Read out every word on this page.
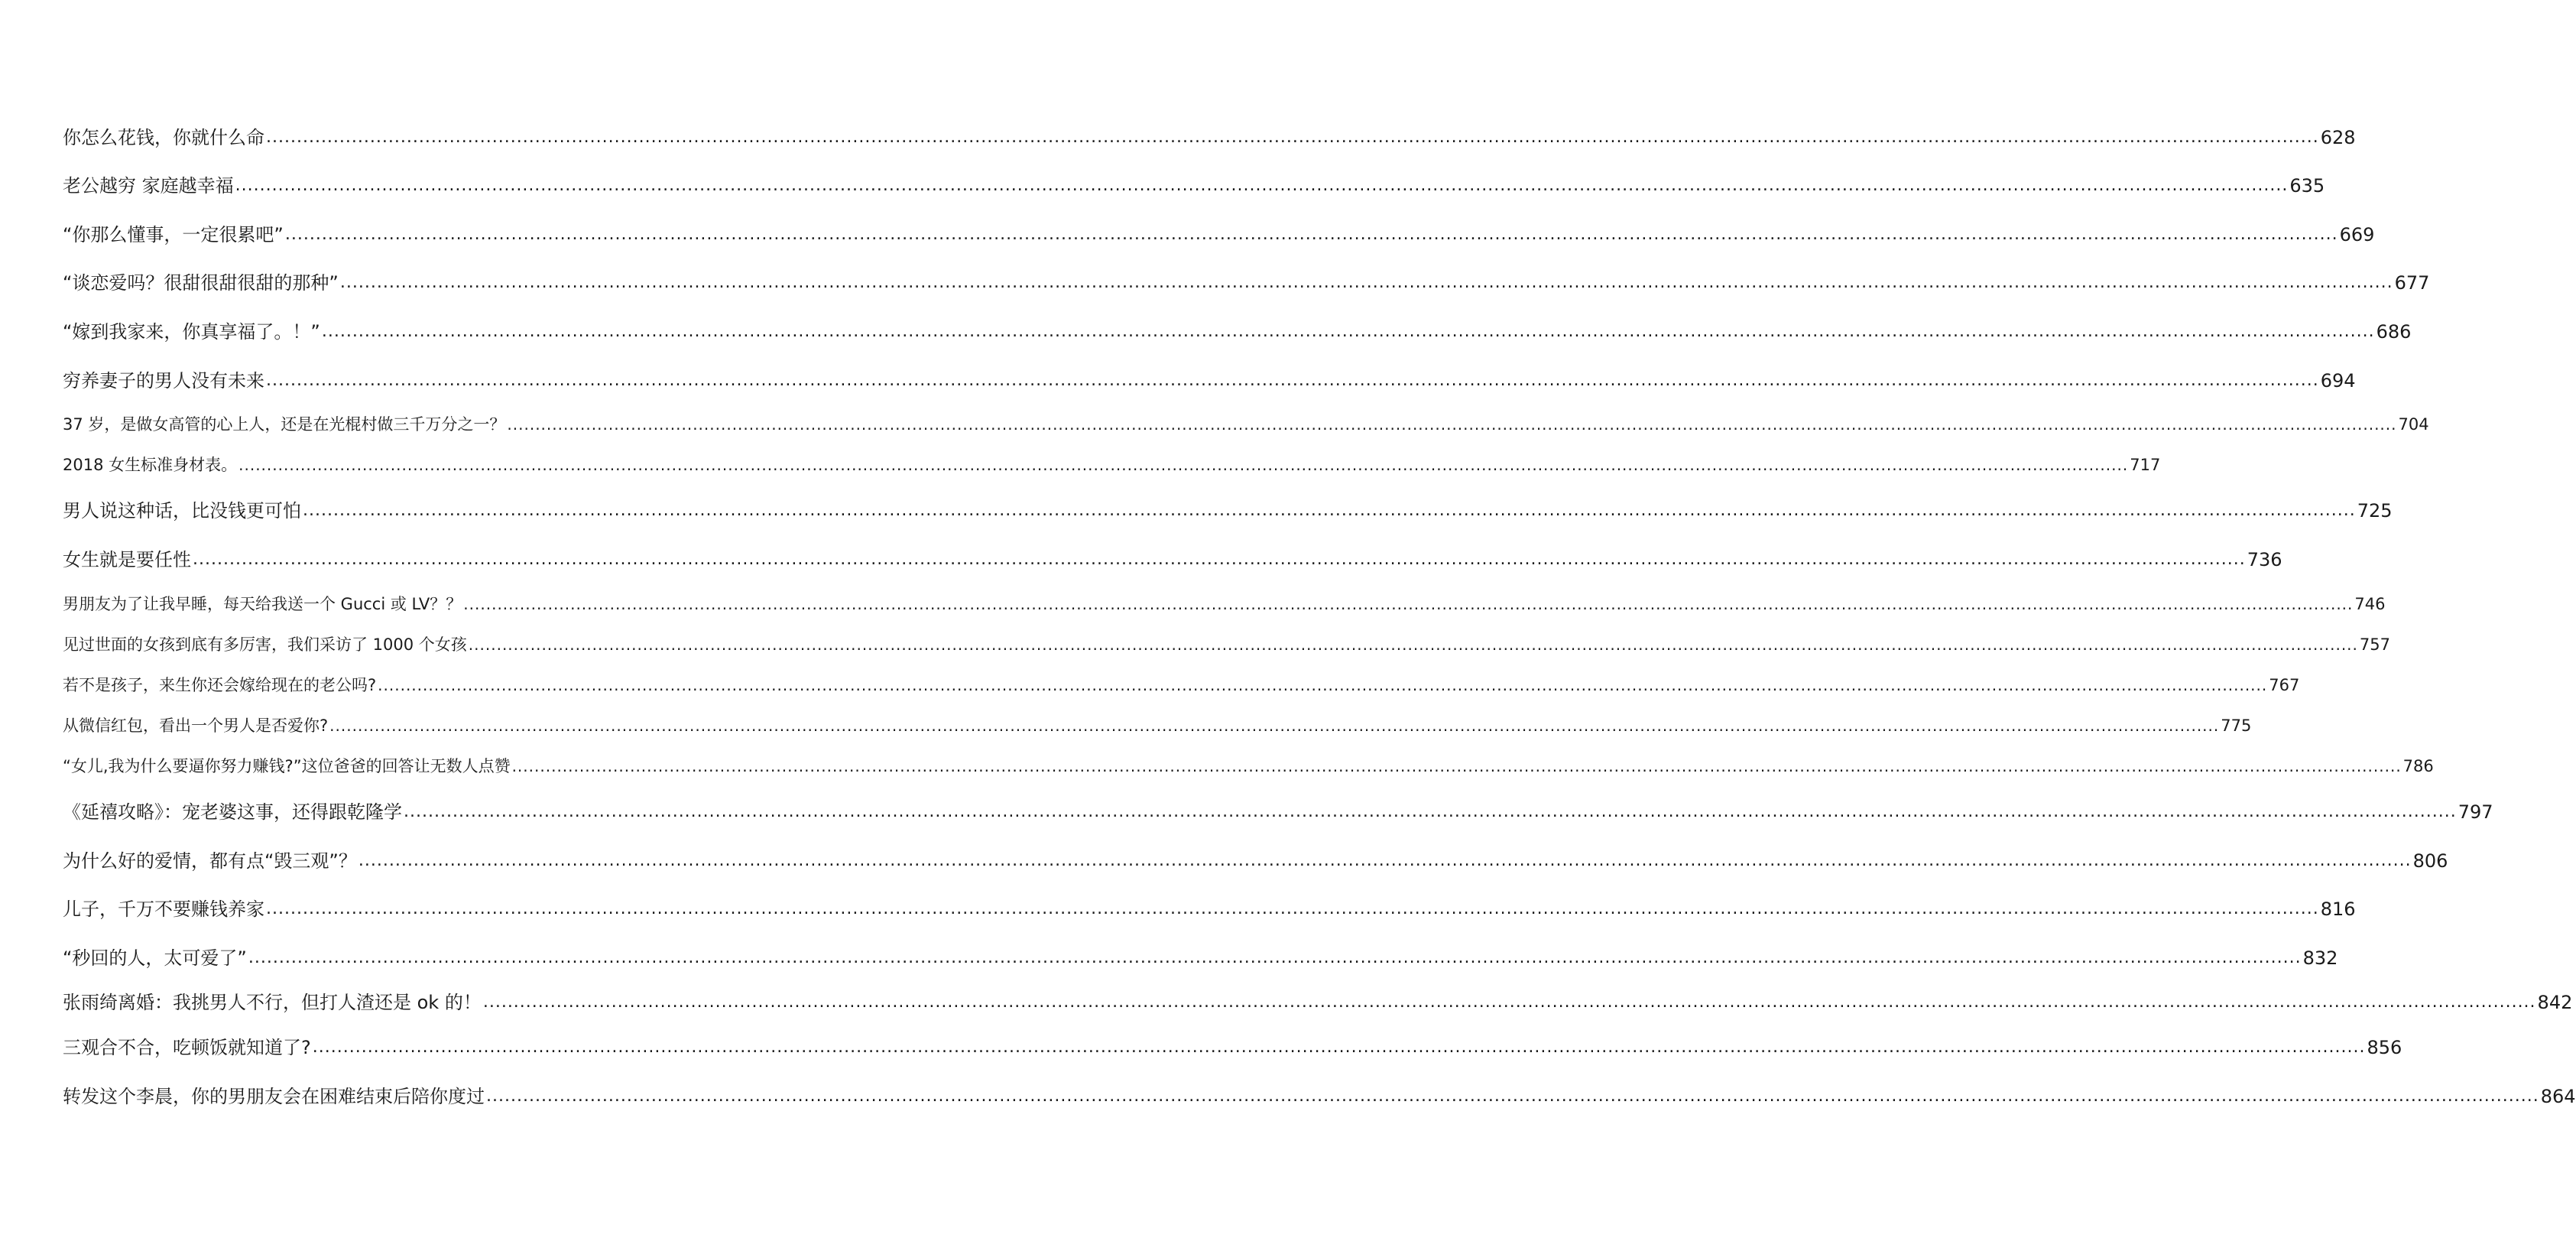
你怎么花钱，你就什么命 .....	628
老公越穷 家庭越幸福 .....	635
“你那么懂事，一定很累吧” .....	669
“谈恋爱吗？很甜很甜很甜的那种” .....	677
“嫁到我家来，你真享福了。！” .....	686
穷养妻子的男人没有未来 .....	694
37 岁，是做女高管的心上人，还是在光棍村做三千万分之一？ .....	704
2018 女生标准身材表。 .....	717
男人说这种话，比没钱更可怕 .....	725
女生就是要任性 .....	736
男朋友为了让我早睡，每天给我送一个 Gucci 或 LV？？ .....	746
见过世面的女孩到底有多厉害，我们采访了 1000 个女孩 .....	757
若不是孩子，来生你还会嫁给现在的老公吗? .....	767
从微信红包，看出一个男人是否爱你? .....	775
“女儿,我为什么要逼你努力赚钱?”这位爸爸的回答让无数人点赞 .....	786
《延禧攻略》：宠老婆这事，还得跟乾隆学 .....	797
为什么好的爱情，都有点“毁三观”？ .....	806
儿子，千万不要赚钱养家 .....	816
“秒回的人，太可爱了” .....	832
张雨绮离婚：我挑男人不行，但打人渣还是 ok 的！ .....	842
三观合不合，吃顿饭就知道了? .....	856
转发这个李晨，你的男朋友会在困难结束后陪你度过 .....	864
